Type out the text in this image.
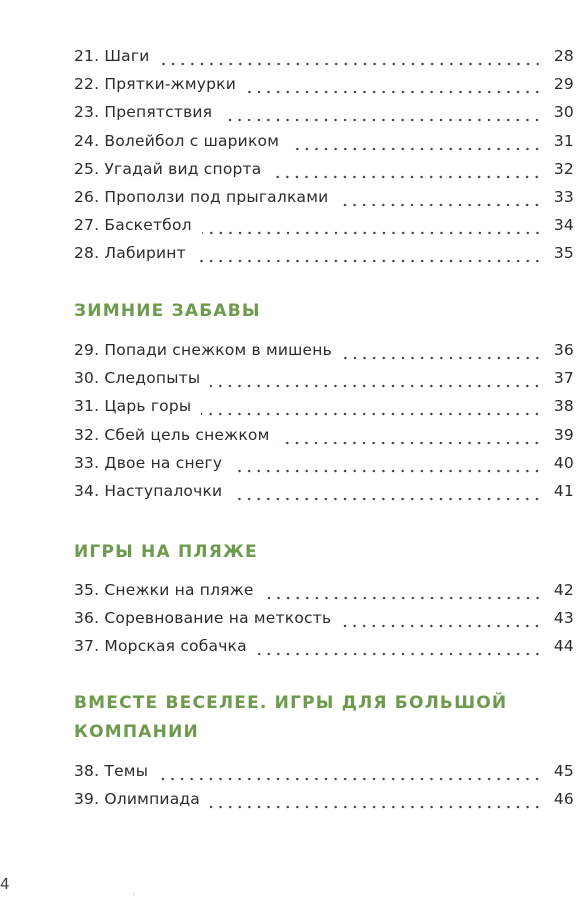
21.
Шаги	28
22.
Прятки-жмурки	29
23.
Препятствия	30
24.
Волейбол с шариком	31
25.
Угадай вид спорта	32
26.
Проползи под прыгалками	33
27.
Баскетбол	34
28.
Лабиринт	35
ЗИМНИЕ ЗАБАВЫ
29.
Попади снежком в мишень	36
30.
Следопыты	37
31.
Царь горы	38
32.
Сбей цель снежком	39
33.
Двое на снегу	40
34.
Наступалочки	41
ИГРЫ НА ПЛЯЖЕ
35.
Снежки на пляже	42
36.
Соревнование на меткость	43
37.
Морская собачка	44
ВМЕСТЕ ВЕСЕЛЕЕ. ИГРЫ ДЛЯ БОЛЬШОЙ
КОМПАНИИ
38.
Темы	45
39.
Олимпиада	46
4
'
